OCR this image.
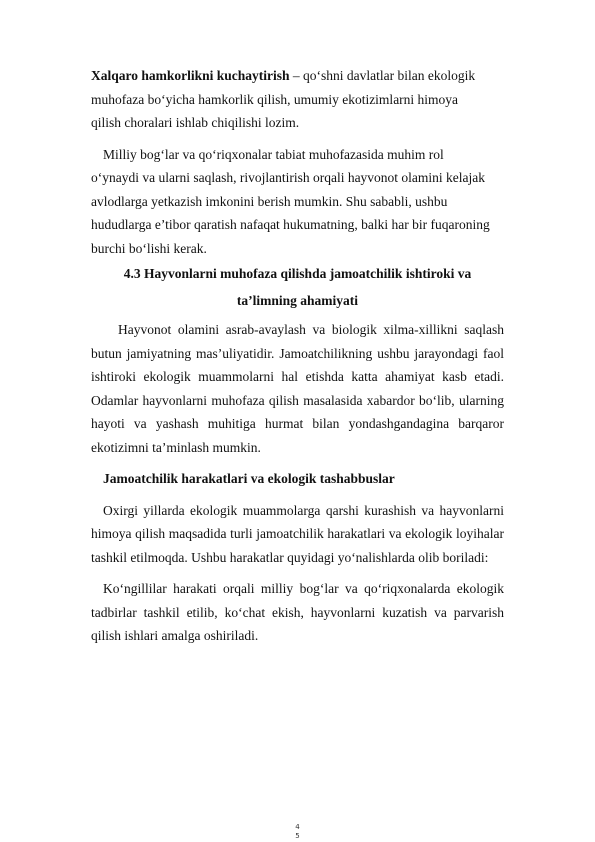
Xalqaro hamkorlikni kuchaytirish – qo‘shni davlatlar bilan ekologik
muhofaza bo‘yicha hamkorlik qilish, umumiy ekotizimlarni himoya
qilish choralari ishlab chiqilishi lozim.
Milliy bog‘lar va qo‘riqxonalar tabiat muhofazasida muhim rol
o‘ynaydi va ularni saqlash, rivojlantirish orqali hayvonot olamini kelajak
avlodlarga yetkazish imkonini berish mumkin. Shu sababli, ushbu
hududlarga e’tibor qaratish nafaqat hukumatning, balki har bir fuqaroning
burchi bo‘lishi kerak.
4.3 Hayvonlarni muhofaza qilishda jamoatchilik ishtiroki va
ta’limning ahamiyati
Hayvonot olamini asrab-avaylash va biologik xilma-xillikni saqlash butun jamiyatning mas’uliyatidir. Jamoatchilikning ushbu jarayondagi faol ishtiroki ekologik muammolarni hal etishda katta ahamiyat kasb etadi. Odamlar hayvonlarni muhofaza qilish masalasida xabardor bo‘lib, ularning hayoti va yashash muhitiga hurmat bilan yondashgandagina barqaror ekotizimni ta’minlash mumkin.
Jamoatchilik harakatlari va ekologik tashabbuslar
Oxirgi yillarda ekologik muammolarga qarshi kurashish va hayvonlarni himoya qilish maqsadida turli jamoatchilik harakatlari va ekologik loyihalar tashkil etilmoqda. Ushbu harakatlar quyidagi yo‘nalishlarda olib boriladi:
Ko‘ngillilar harakati orqali milliy bog‘lar va qo‘riqxonalarda ekologik tadbirlar tashkil etilib, ko‘chat ekish, hayvonlarni kuzatish va parvarish qilish ishlari amalga oshiriladi.
4
5
